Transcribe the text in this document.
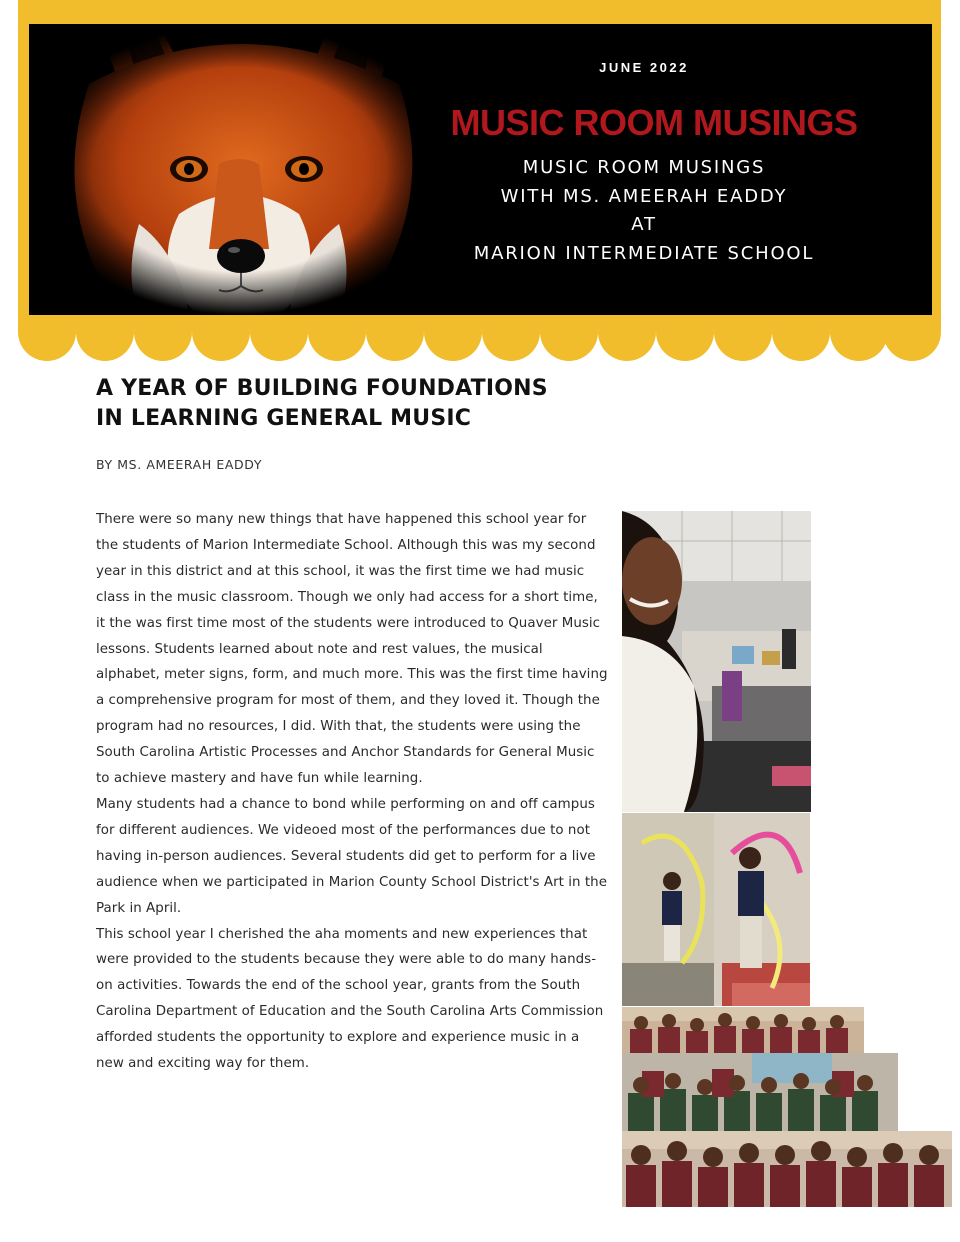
JUNE 2022
MUSIC ROOM MUSINGS
MUSIC ROOM MUSINGS
WITH MS. AMEERAH EADDY
AT
MARION INTERMEDIATE SCHOOL
A YEAR OF BUILDING FOUNDATIONS
IN LEARNING GENERAL MUSIC
BY MS. AMEERAH EADDY

There were so many new things that have happened this school year for the students of Marion Intermediate School. Although this was my second year in this district and at this school, it was the first time we had music class in the music classroom. Though we only had access for a short time, it the was first time most of the students were introduced to Quaver Music lessons. Students learned about note and rest values, the musical alphabet, meter signs, form, and much more. This was the first time having a comprehensive program for most of them, and they loved it. Though the program had no resources, I did. With that, the students were using the South Carolina Artistic Processes and Anchor Standards for General Music to achieve mastery and have fun while learning.

Many students had a chance to bond while performing on and off campus for different audiences. We videoed most of the performances due to not having in-person audiences. Several students did get to perform for a live audience when we participated in Marion County School District's Art in the Park in April.

This school year I cherished the aha moments and new experiences that were provided to the students because they were able to do many hands-on activities. Towards the end of the school year, grants from the South Carolina Department of Education and the South Carolina Arts Commission afforded students the opportunity to explore and experience music in a new and exciting way for them.
